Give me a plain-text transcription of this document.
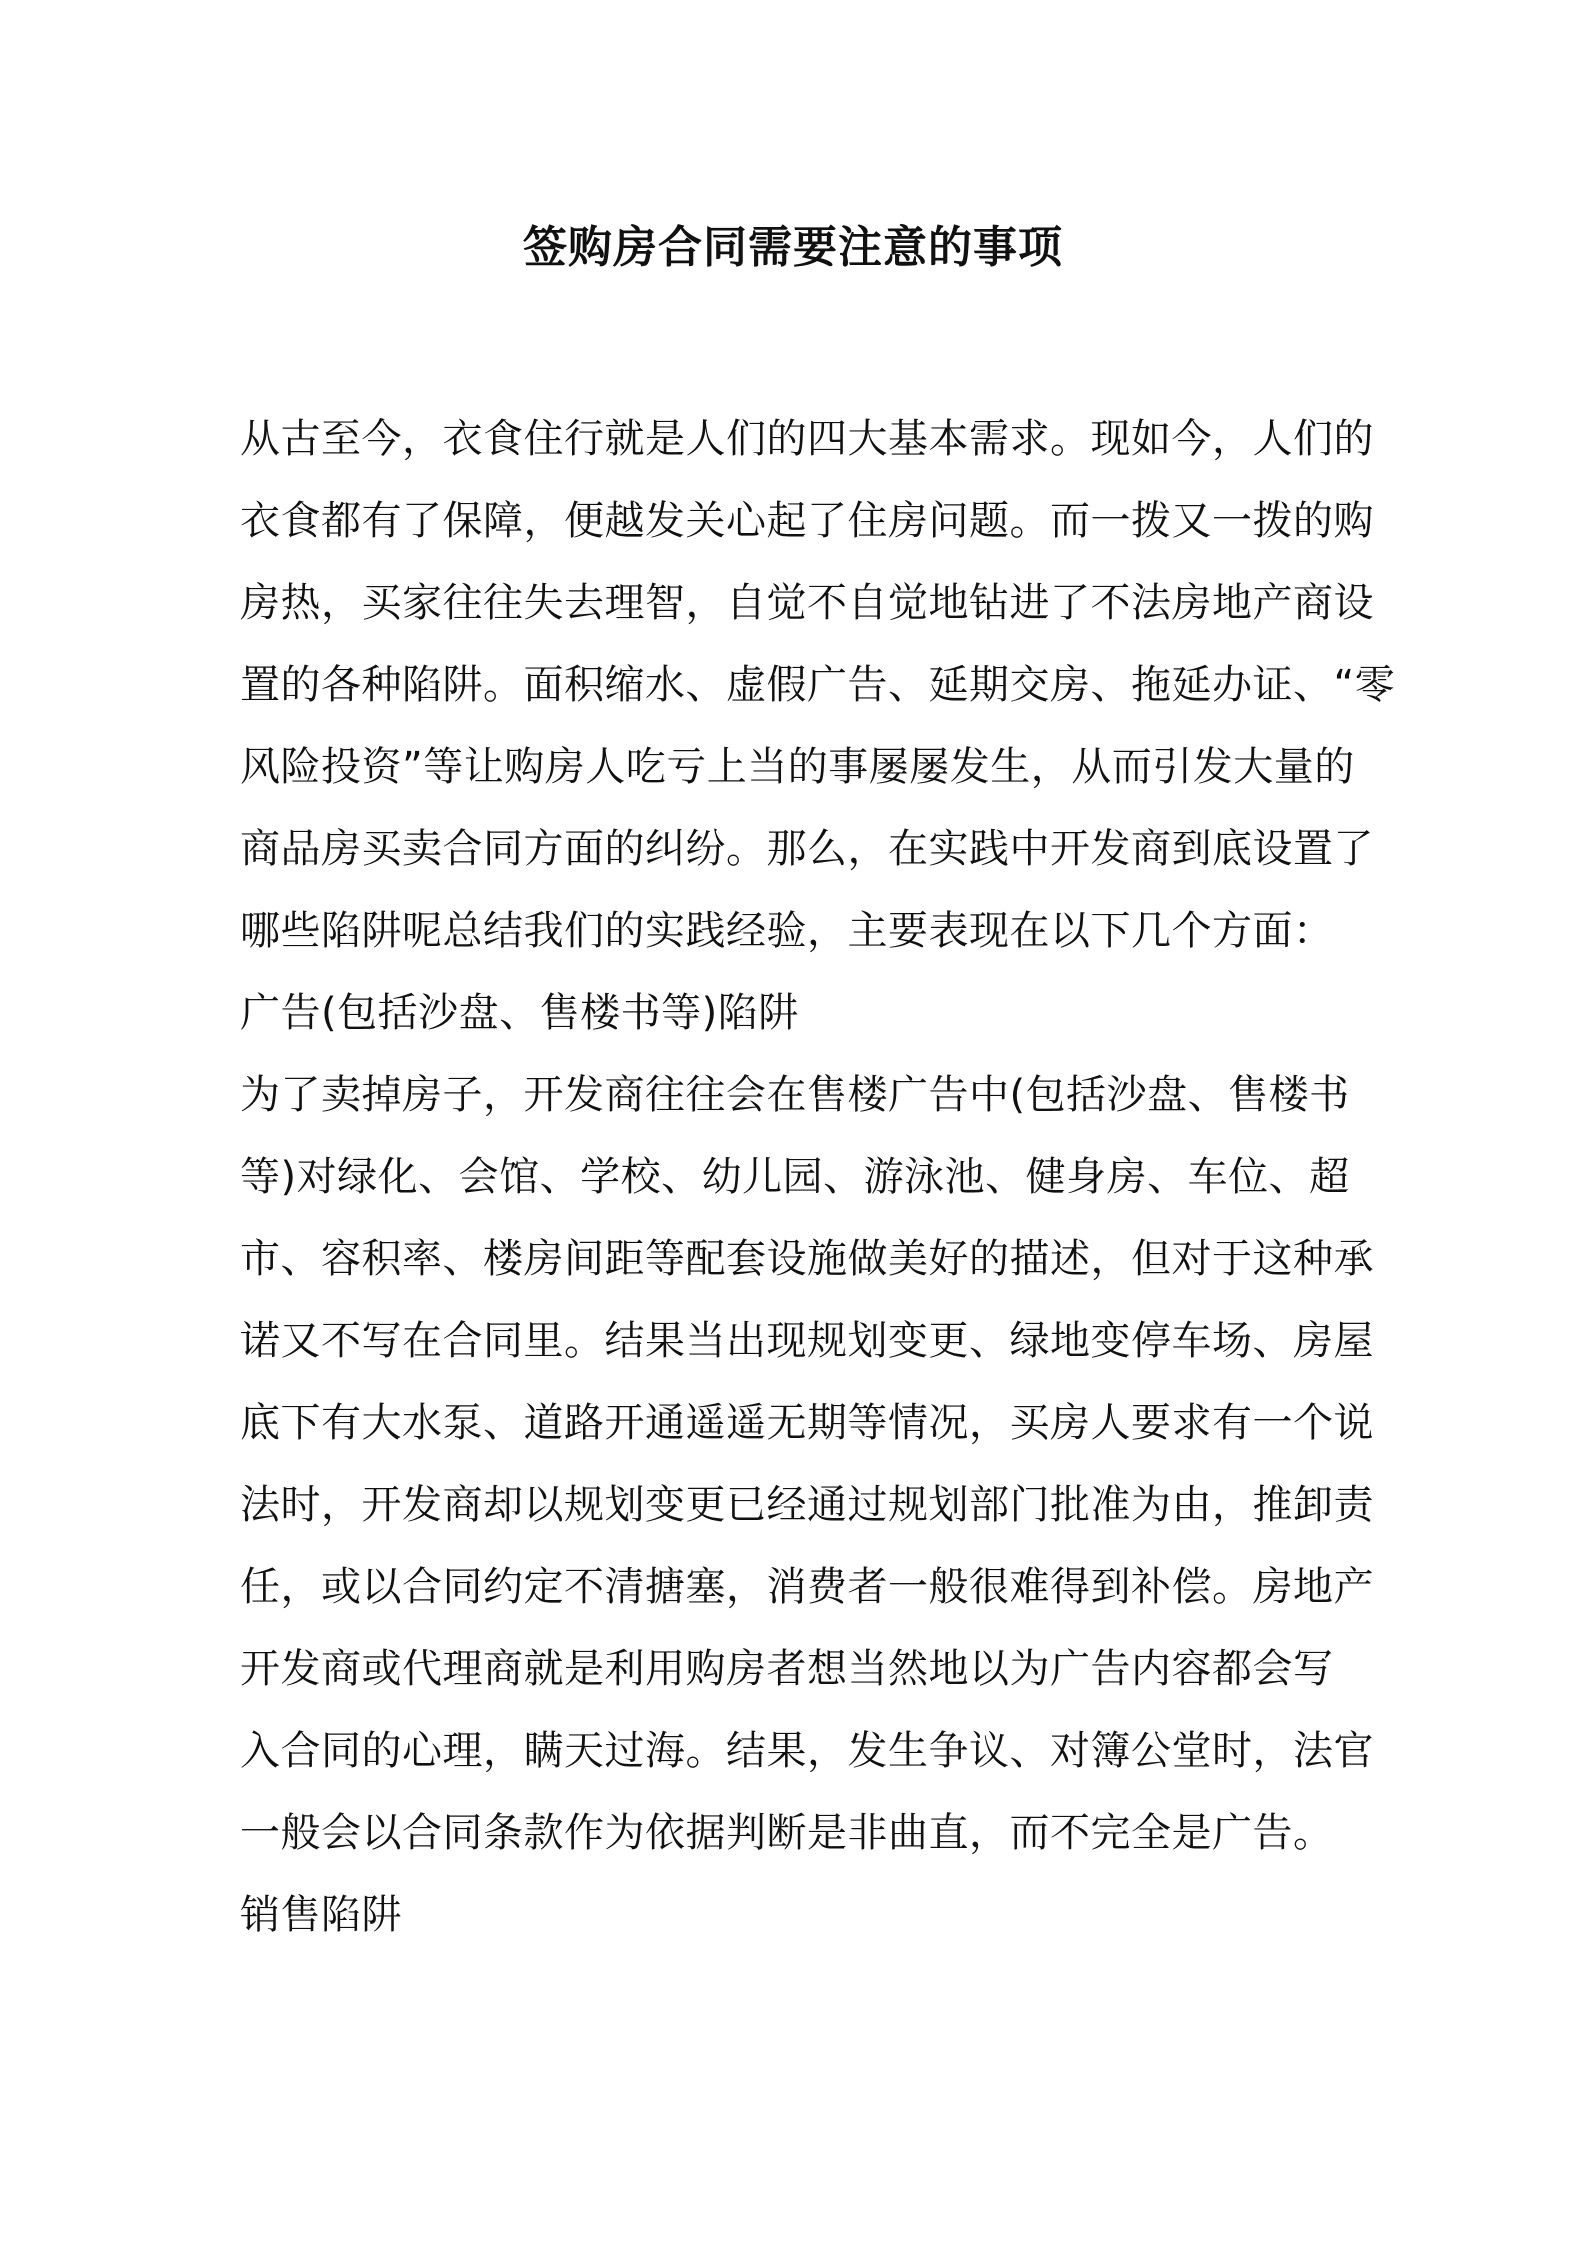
签购房合同需要注意的事项
从古至今，衣食住行就是人们的四大基本需求。现如今，人们的
衣食都有了保障，便越发关心起了住房问题。而一拨又一拨的购
房热，买家往往失去理智，自觉不自觉地钻进了不法房地产商设
置的各种陷阱。面积缩水、虚假广告、延期交房、拖延办证、“零
风险投资”等让购房人吃亏上当的事屡屡发生，从而引发大量的
商品房买卖合同方面的纠纷。那么，在实践中开发商到底设置了
哪些陷阱呢总结我们的实践经验，主要表现在以下几个方面：
广告(包括沙盘、售楼书等)陷阱
为了卖掉房子，开发商往往会在售楼广告中(包括沙盘、售楼书
等)对绿化、会馆、学校、幼儿园、游泳池、健身房、车位、超
市、容积率、楼房间距等配套设施做美好的描述，但对于这种承
诺又不写在合同里。结果当出现规划变更、绿地变停车场、房屋
底下有大水泵、道路开通遥遥无期等情况，买房人要求有一个说
法时，开发商却以规划变更已经通过规划部门批准为由，推卸责
任，或以合同约定不清搪塞，消费者一般很难得到补偿。房地产
开发商或代理商就是利用购房者想当然地以为广告内容都会写
入合同的心理，瞒天过海。结果，发生争议、对簿公堂时，法官
一般会以合同条款作为依据判断是非曲直，而不完全是广告。
销售陷阱
